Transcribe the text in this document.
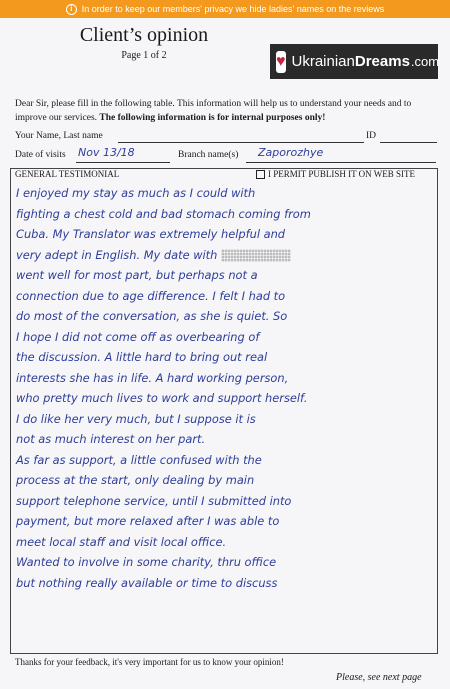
i	In order to keep our members' privacy we hide ladies' names on the reviews
Client’s opinion
Page 1 of 2	♥ Ukrainian Dreams .com
Dear Sir, please fill in the following table. This information will help us to understand your needs and to improve our services. The following information is for internal purposes only!
Your Name, Last name	ID
Date of visits Nov 13/18	Branch name(s) Zaporozhye
GENERAL TESTIMONIAL	I PERMIT PUBLISH IT ON WEB SITE
I enjoyed my stay as much as I could with
fighting a chest cold and bad stomach coming from
Cuba. My Translator was extremely helpful and
very adept in English. My date with
went well for most part, but perhaps not a
connection due to age difference. I felt I had to
do most of the conversation, as she is quiet. So
I hope I did not come off as overbearing of
the discussion. A little hard to bring out real
interests she has in life. A hard working person,
who pretty much lives to work and support herself.
I do like her very much, but I suppose it is
not as much interest on her part.
As far as support, a little confused with the
process at the start, only dealing by main
support telephone service, until I submitted into
payment, but more relaxed after I was able to
meet local staff and visit local office.
Wanted to involve in some charity, thru office
but nothing really available or time to discuss
Thanks for your feedback, it's very important for us to know your opinion!
Please, see next page
